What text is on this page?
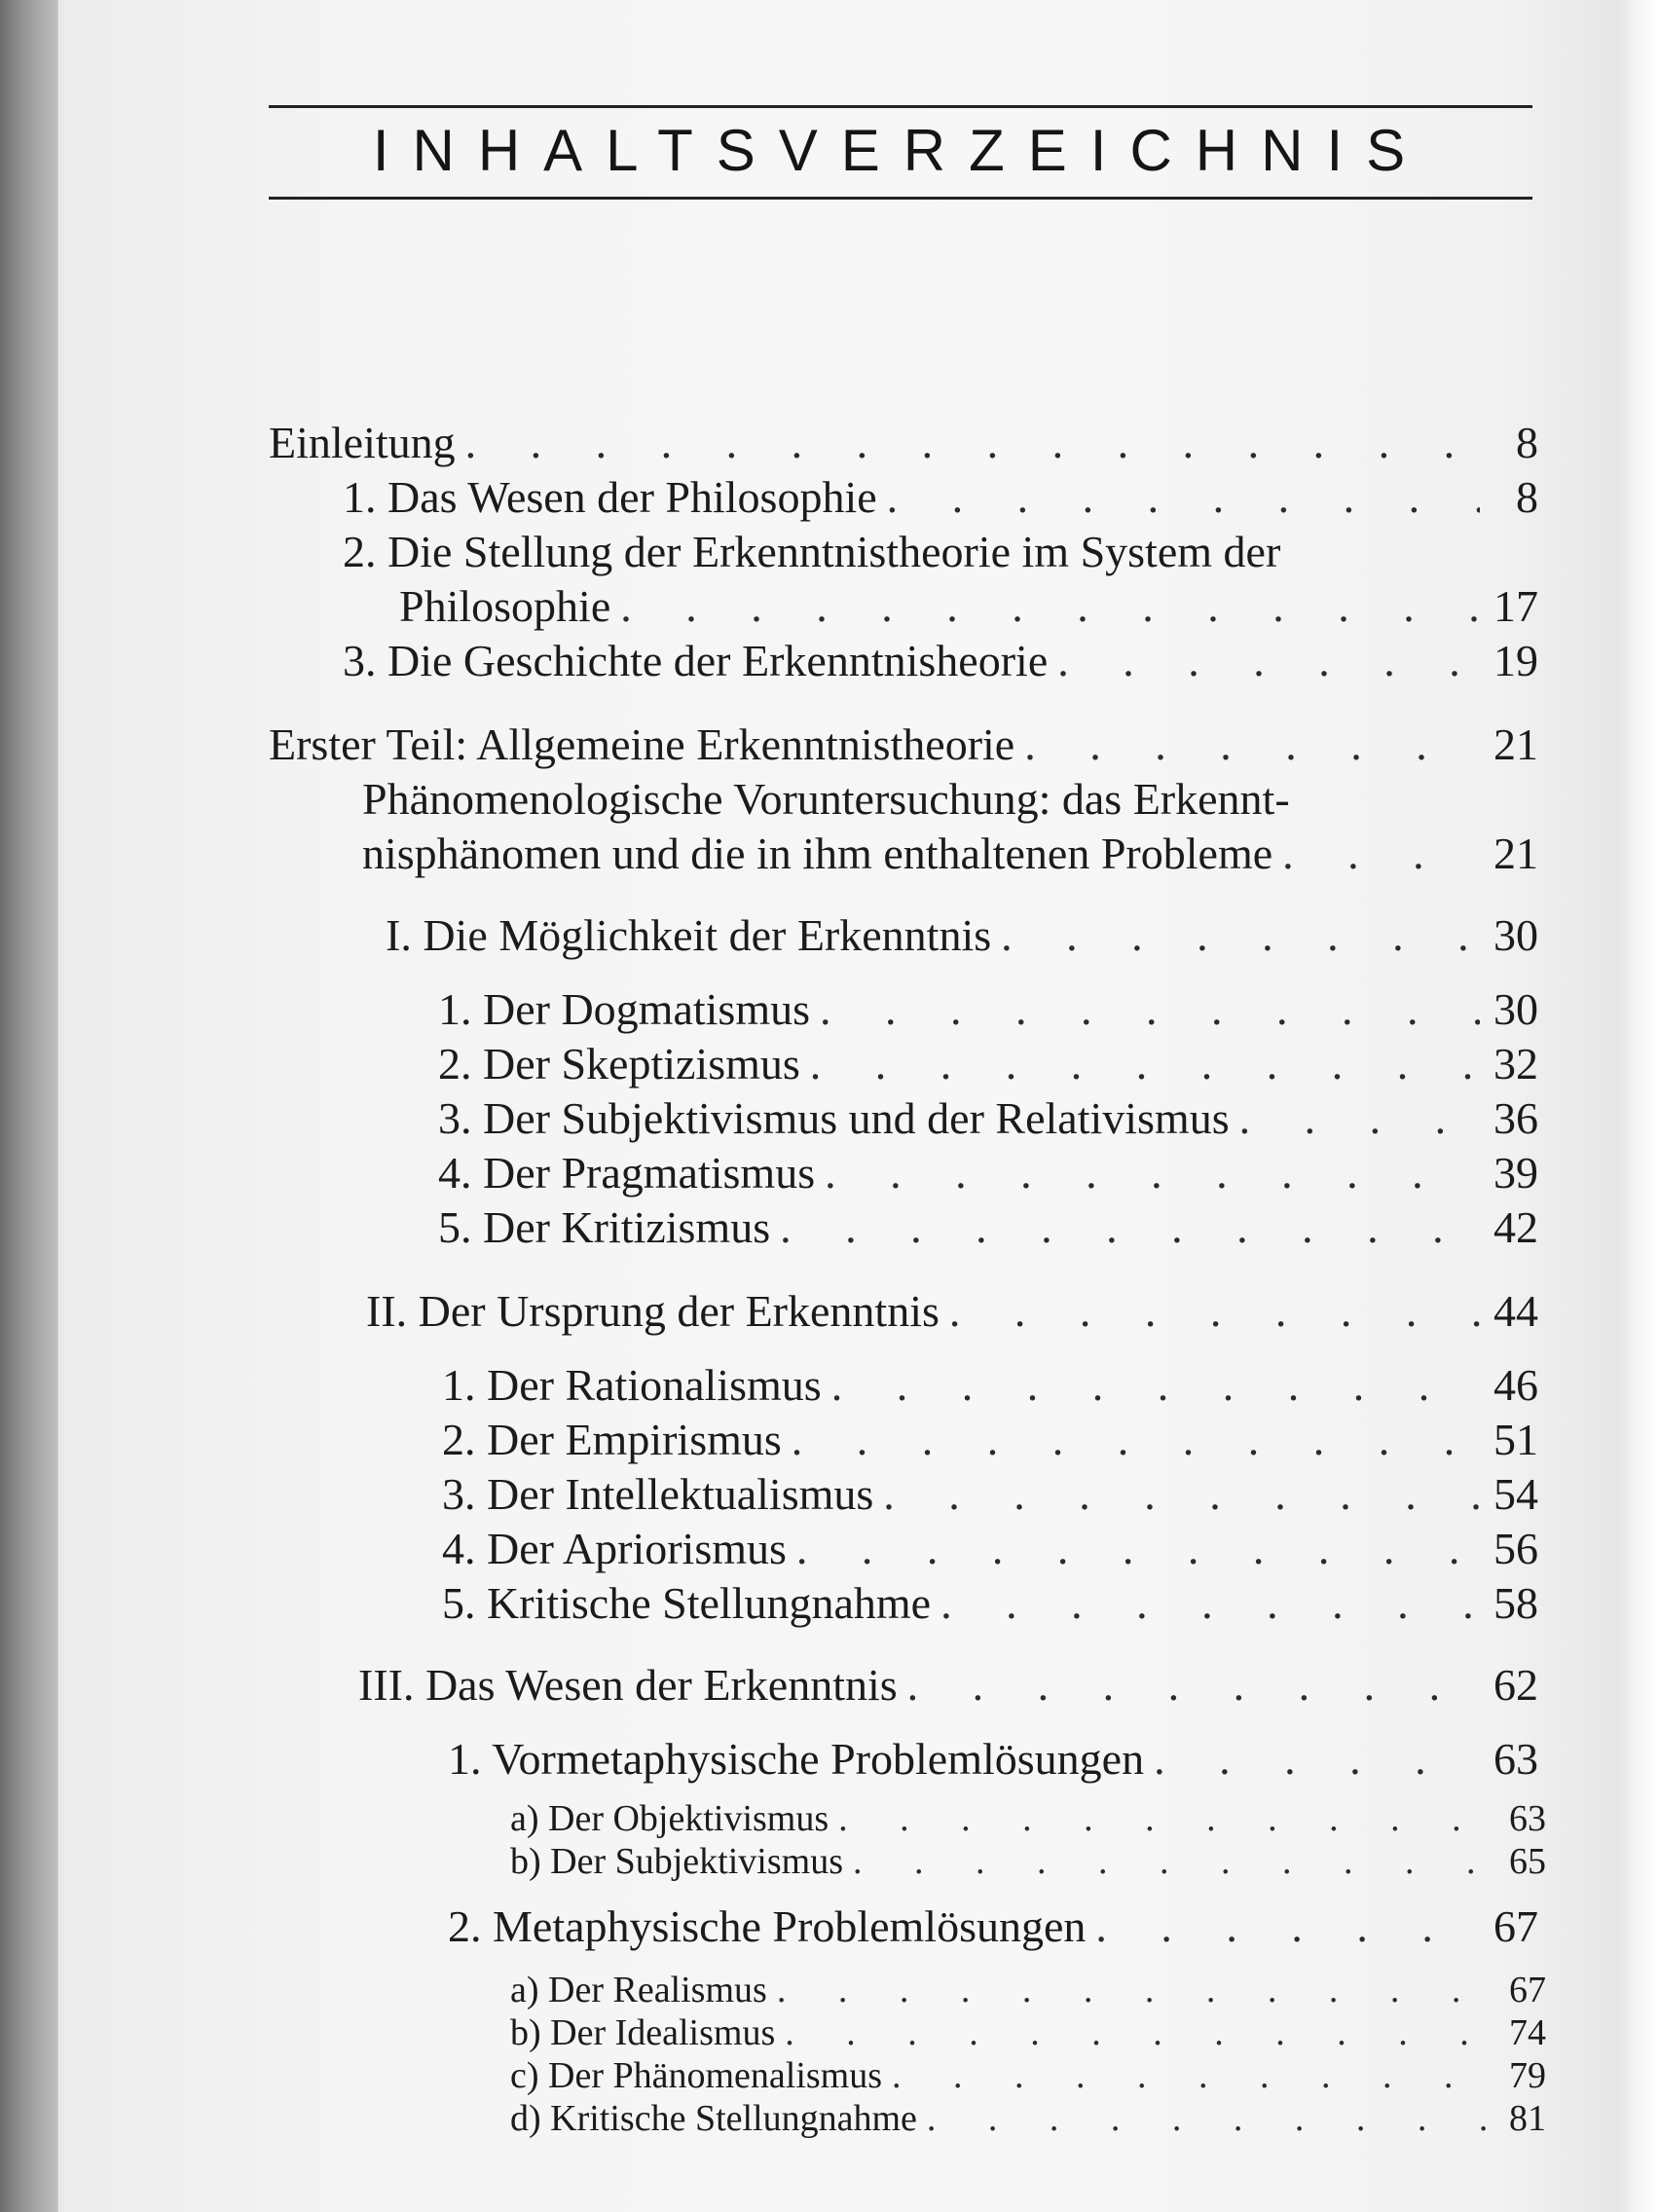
INHALTSVERZEICHNIS
Einleitung . . .	8
1. Das Wesen der Philosophie . . .	8
2. Die Stellung der Erkenntnistheorie im System der
Philosophie . . .	17
3. Die Geschichte der Erkenntnisheorie . . .	19
Erster Teil: Allgemeine Erkenntnistheorie . . .	21
Phänomenologische Voruntersuchung: das Erkennt-
nisphänomen und die in ihm enthaltenen Probleme . . .	21
I. Die Möglichkeit der Erkenntnis . . .	30
1. Der Dogmatismus . . .	30
2. Der Skeptizismus . . .	32
3. Der Subjektivismus und der Relativismus . . .	36
4. Der Pragmatismus . . .	39
5. Der Kritizismus . . .	42
II. Der Ursprung der Erkenntnis . . .	44
1. Der Rationalismus . . .	46
2. Der Empirismus . . .	51
3. Der Intellektualismus . . .	54
4. Der Apriorismus . . .	56
5. Kritische Stellungnahme . . .	58
III. Das Wesen der Erkenntnis . . .	62
1. Vormetaphysische Problemlösungen . . .	63
a) Der Objektivismus . . .	63
b) Der Subjektivismus . . .	65
2. Metaphysische Problemlösungen . . .	67
a) Der Realismus . . .	67
b) Der Idealismus . . .	74
c) Der Phänomenalismus . . .	79
d) Kritische Stellungnahme . . .	81
